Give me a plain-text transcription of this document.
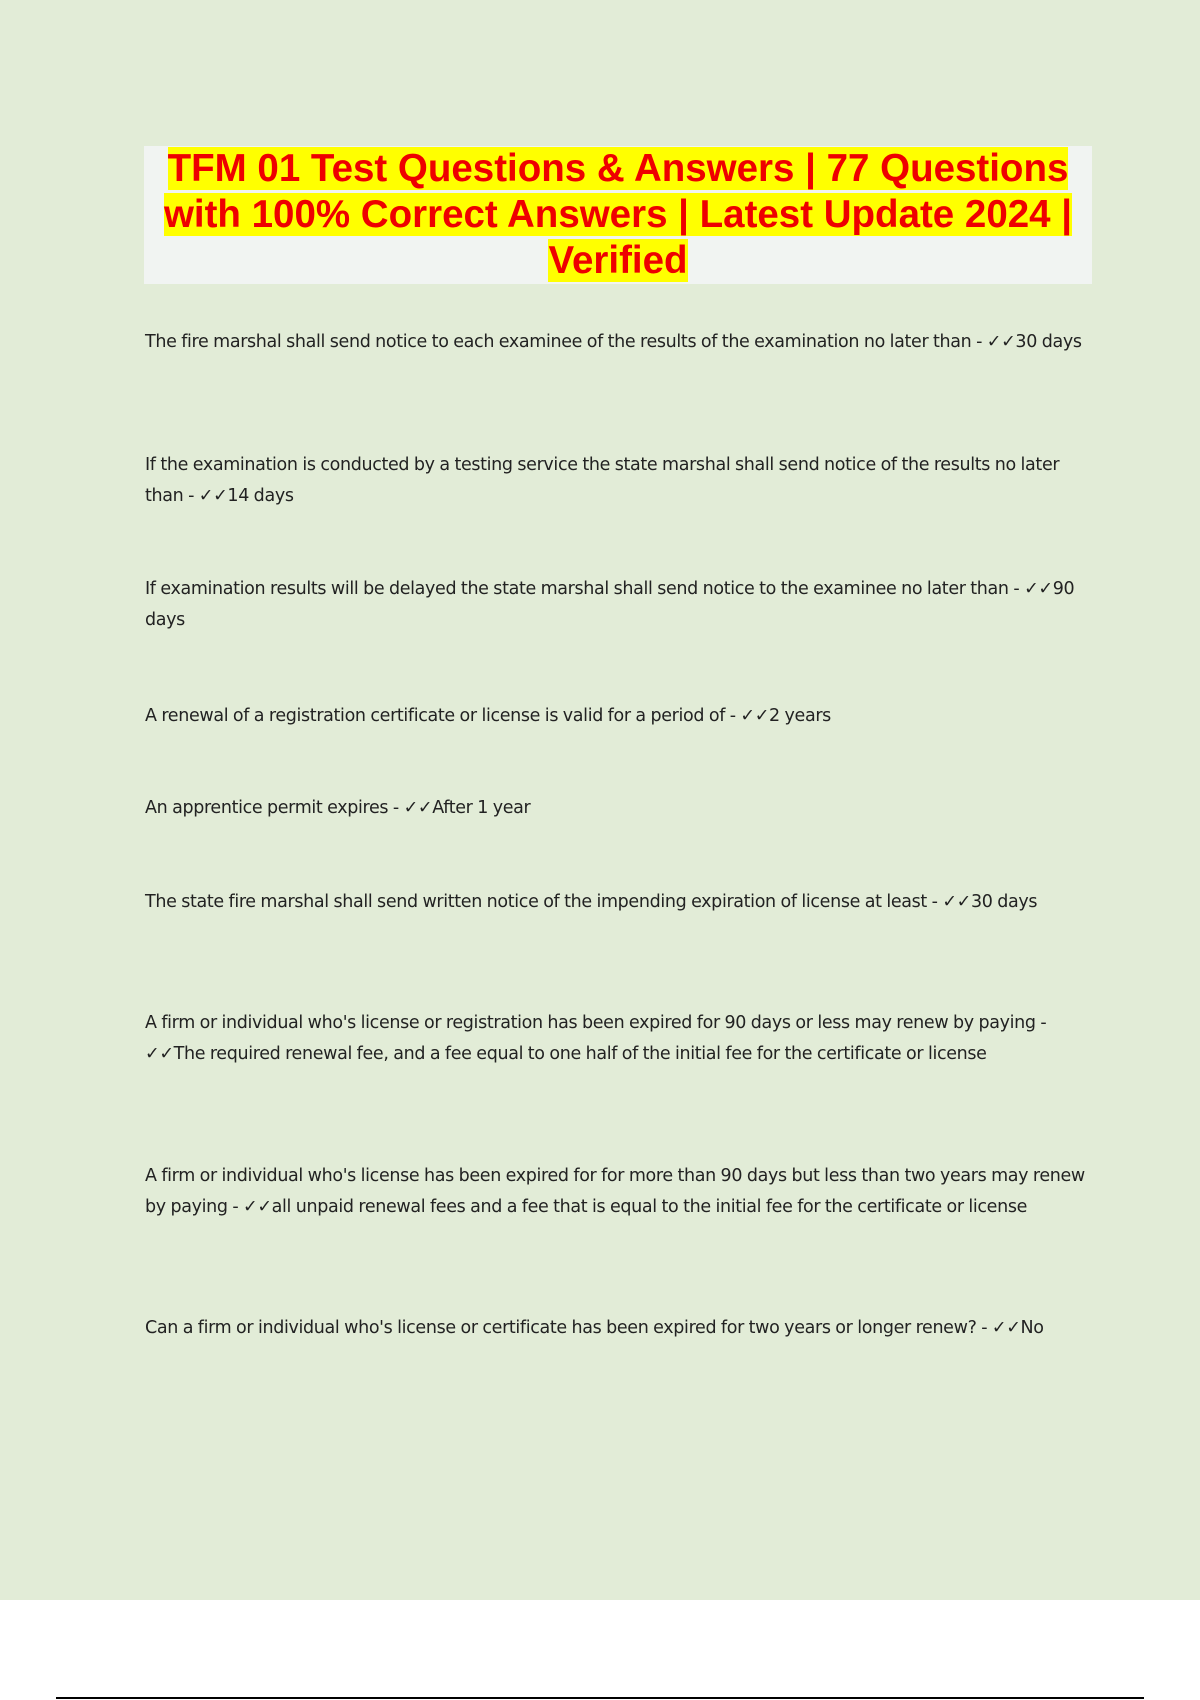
TFM 01 Test Questions & Answers | 77 Questions with 100% Correct Answers | Latest Update 2024 | Verified
The fire marshal shall send notice to each examinee of the results of the examination no later than - ✓✓30 days
If the examination is conducted by a testing service the state marshal shall send notice of the results no later than - ✓✓14 days
If examination results will be delayed the state marshal shall send notice to the examinee no later than - ✓✓90 days
A renewal of a registration certificate or license is valid for a period of - ✓✓2 years
An apprentice permit expires - ✓✓After 1 year
The state fire marshal shall send written notice of the impending expiration of license at least - ✓✓30 days
A firm or individual who's license or registration has been expired for 90 days or less may renew by paying - ✓✓The required renewal fee, and a fee equal to one half of the initial fee for the certificate or license
A firm or individual who's license has been expired for for more than 90 days but less than two years may renew by paying - ✓✓all unpaid renewal fees and a fee that is equal to the initial fee for the certificate or license
Can a firm or individual who's license or certificate has been expired for two years or longer renew? - ✓✓No
